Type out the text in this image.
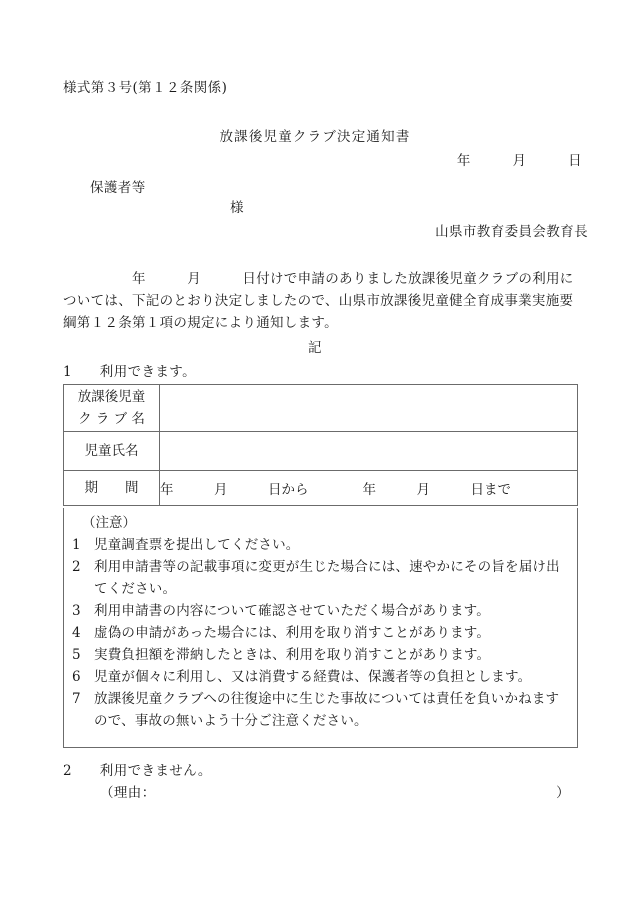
様式第３号(第１２条関係)
放課後児童クラブ決定通知書
年　　　月　　　日
保護者等
様
山県市教育委員会教育長

　　　　　年　　　月　　　日付けで申請のありました放課後児童クラブの利用については、下記のとおり決定しましたので、山県市放課後児童健全育成事業実施要綱第１２条第１項の規定により通知します。

記
1　　利用できます。
放課後児童
ク ラ ブ 名	

児童氏名	

期　　間	年　　　月　　　日から　　　　年　　　月　　　日まで
（注意）
1 児童調査票を提出してください。
2 利用申請書等の記載事項に変更が生じた場合には、速やかにその旨を届け出てください。
3 利用申請書の内容について確認させていただく場合があります。
4 虚偽の申請があった場合には、利用を取り消すことがあります。
5 実費負担額を滞納したときは、利用を取り消すことがあります。
6 児童が個々に利用し、又は消費する経費は、保護者等の負担とします。
7 放課後児童クラブへの往復途中に生じた事故については責任を負いかねますので、事故の無いよう十分ご注意ください。
2　　利用できません。
（理由：	）
